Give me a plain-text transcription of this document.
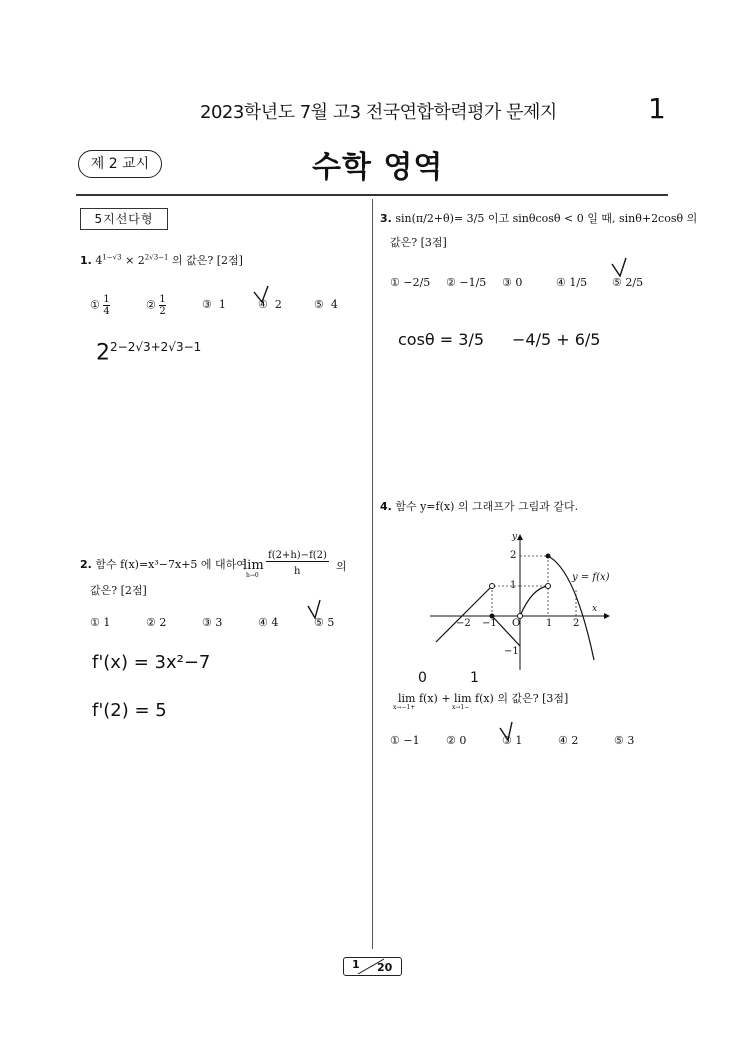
2023학년도 7월 고3 전국연합학력평가 문제지	1
제 2 교시	수학 영역
5지선다형
1. $4^{1-√3} \times 2^{2√3-1}$ 의 값은? [2점]
① 1
4	② 1
2
③  1	④  2	⑤  4
$2^{2-2√3+2√3-1}$
2. 함수 f(x)=x³−7x+5 에 대하여
lim
h→0
f(2+h)−f(2)
h	의
값은? [2점]
① 1	② 2	③ 3	④ 4	⑤ 5
f'(x) = 3x²−7
f'(2) = 5
3. sin(π/2+θ)= 3/5 이고 sinθcosθ < 0 일 때, sinθ+2cosθ 의
값은? [3점]
① −2/5 ② −1/5 ③ 0	④ 1/5 ⑤ 2/5
cosθ = 3/5 −4/5 + 6/5
4. 함수 y=f(x) 의 그래프가 그림과 같다.
x
y
O
y = f(x)
−2 −1	1 2
2
1
−1
0	1
lim f(x) + lim f(x) 의 값은? [3점]
x→−1+	x→1−
① −1 ② 0	③ 1	④ 2	⑤ 3
1 20
